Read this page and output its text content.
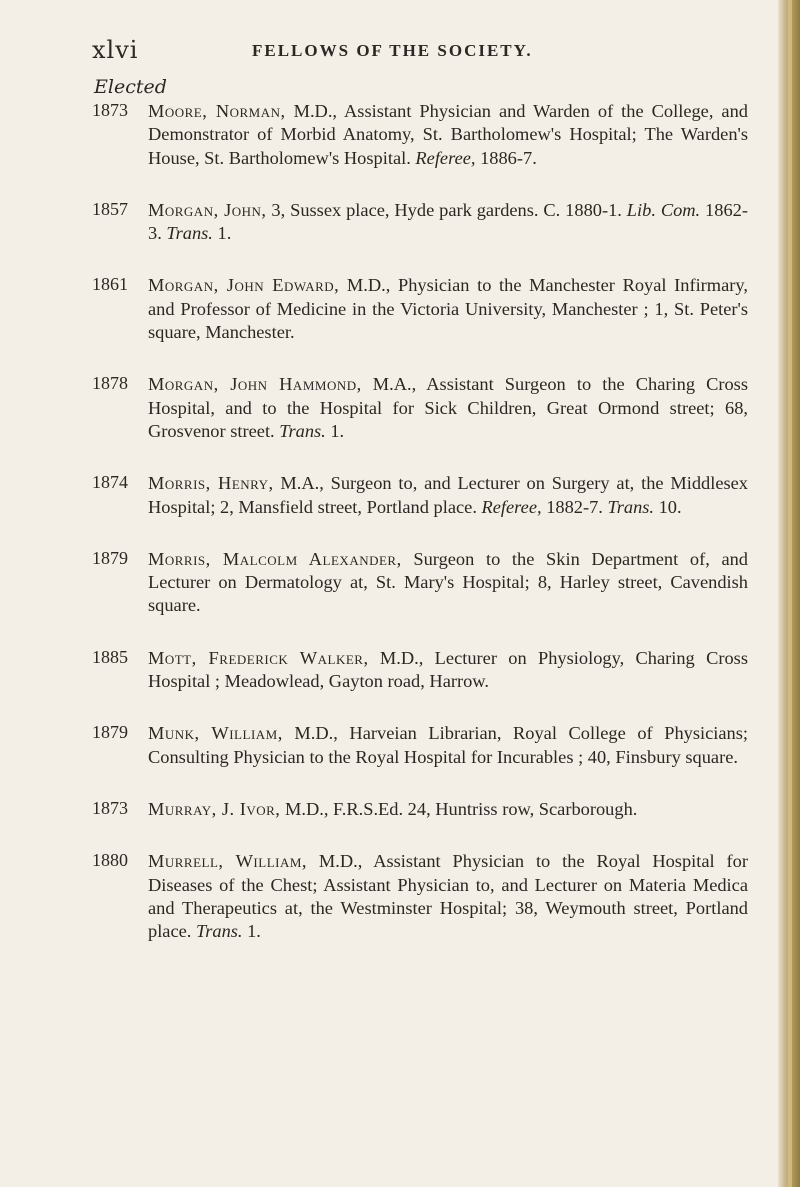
xlvi	FELLOWS OF THE SOCIETY.
Elected
1873	Moore, Norman, M.D., Assistant Physician and Warden of the College, and Demonstrator of Morbid Anatomy, St. Bartholomew's Hospital; The Warden's House, St. Bartholomew's Hospital. Referee, 1886-7.
1857	Morgan, John, 3, Sussex place, Hyde park gardens. C. 1880-1. Lib. Com. 1862-3. Trans. 1.
1861	Morgan, John Edward, M.D., Physician to the Manchester Royal Infirmary, and Professor of Medicine in the Victoria University, Manchester ; 1, St. Peter's square, Manchester.
1878	Morgan, John Hammond, M.A., Assistant Surgeon to the Charing Cross Hospital, and to the Hospital for Sick Children, Great Ormond street; 68, Grosvenor street. Trans. 1.
1874	Morris, Henry, M.A., Surgeon to, and Lecturer on Surgery at, the Middlesex Hospital; 2, Mansfield street, Portland place. Referee, 1882-7. Trans. 10.
1879	Morris, Malcolm Alexander, Surgeon to the Skin Department of, and Lecturer on Dermatology at, St. Mary's Hospital; 8, Harley street, Cavendish square.
1885	Mott, Frederick Walker, M.D., Lecturer on Physiology, Charing Cross Hospital ; Meadowlead, Gayton road, Harrow.
1879	Munk, William, M.D., Harveian Librarian, Royal College of Physicians; Consulting Physician to the Royal Hospital for Incurables ; 40, Finsbury square.
1873	Murray, J. Ivor, M.D., F.R.S.Ed. 24, Huntriss row, Scarborough.
1880	Murrell, William, M.D., Assistant Physician to the Royal Hospital for Diseases of the Chest; Assistant Physician to, and Lecturer on Materia Medica and Therapeutics at, the Westminster Hospital; 38, Weymouth street, Portland place. Trans. 1.
